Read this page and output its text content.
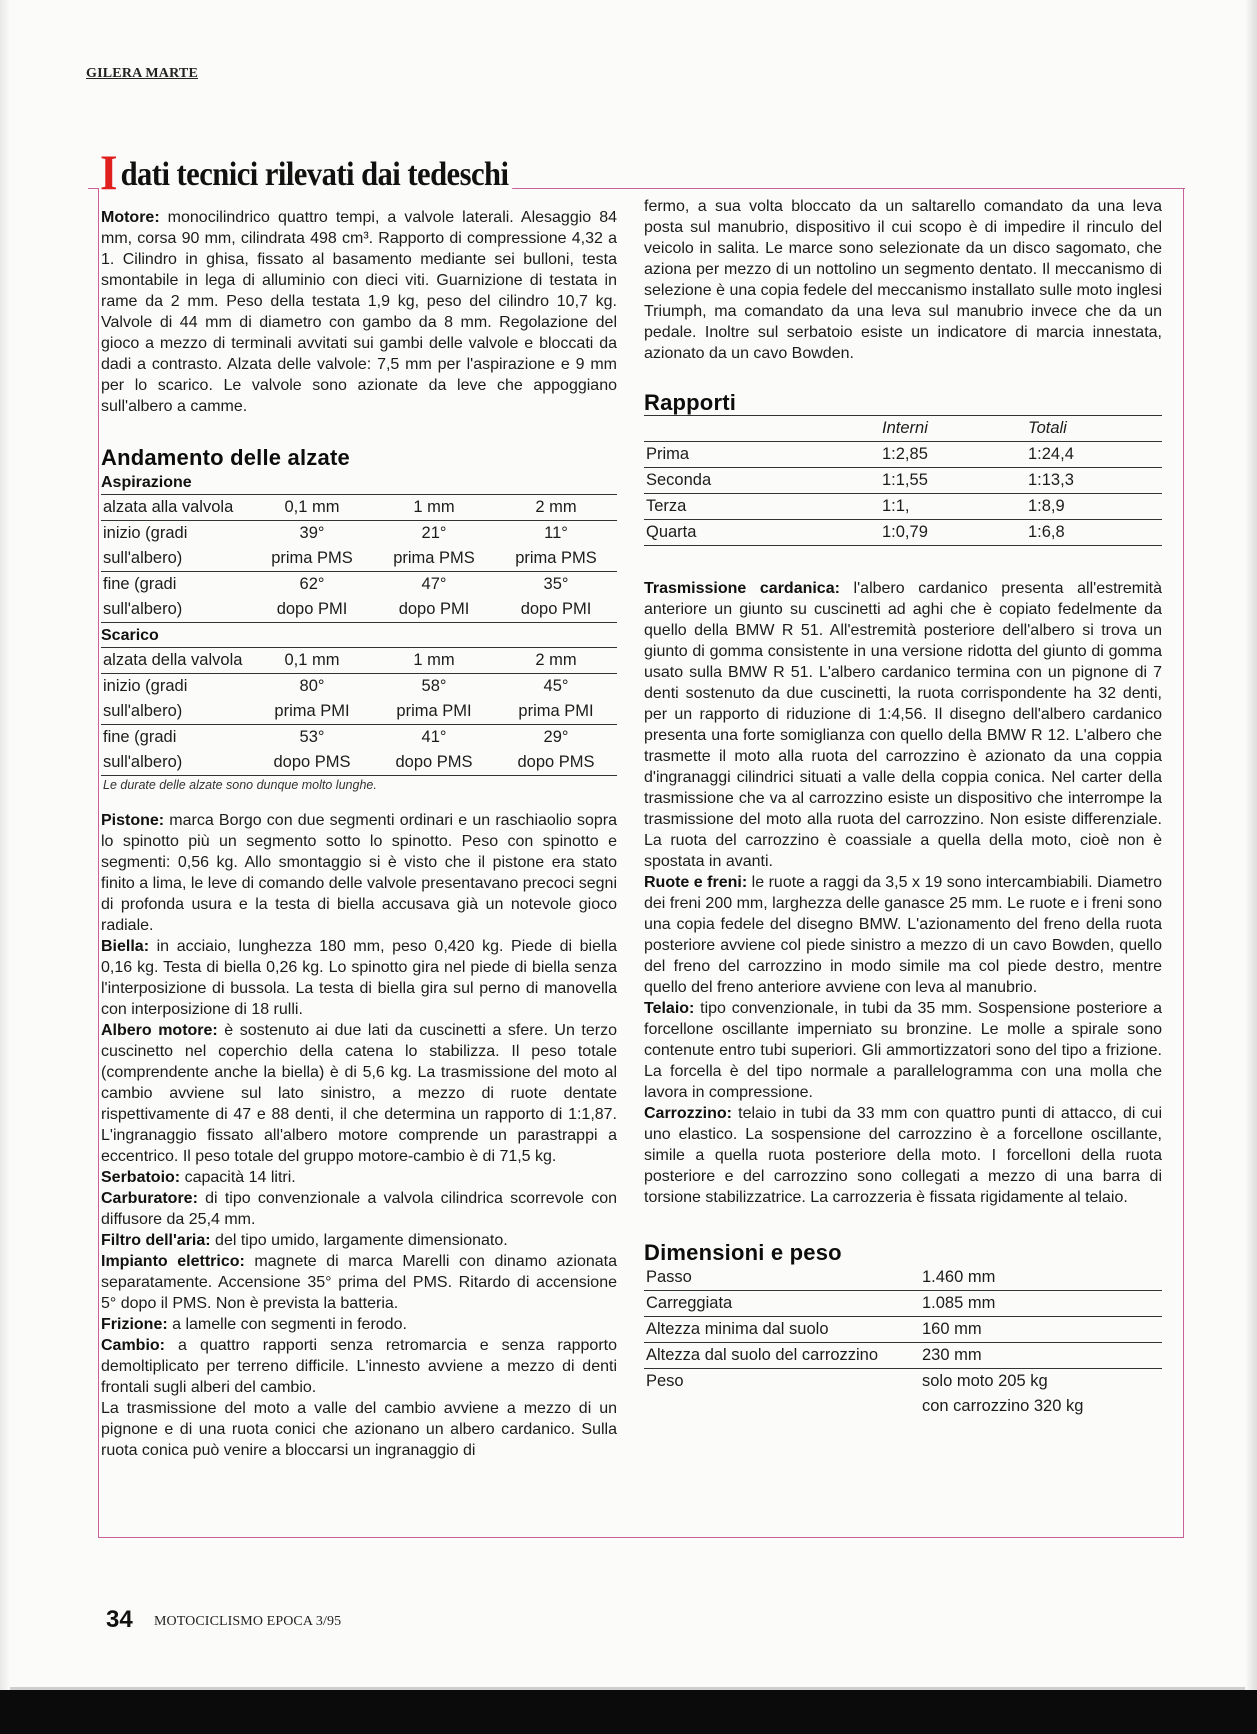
GILERA MARTE
I dati tecnici rilevati dai tedeschi

Motore: monocilindrico quattro tempi, a valvole laterali. Alesaggio 84 mm, corsa 90 mm, cilindrata 498 cm³. Rapporto di compressione 4,32 a 1. Cilindro in ghisa, fissato al basamento mediante sei bulloni, testa smontabile in lega di alluminio con dieci viti. Guarnizione di testata in rame da 2 mm. Peso della testata 1,9 kg, peso del cilindro 10,7 kg. Valvole di 44 mm di diametro con gambo da 8 mm. Regolazione del gioco a mezzo di terminali avvitati sui gambi delle valvole e bloccati da dadi a contrasto. Alzata delle valvole: 7,5 mm per l'aspirazione e 9 mm per lo scarico. Le valvole sono azionate da leve che appoggiano sull'albero a camme.

Andamento delle alzate
Aspirazione
alzata alla valvola	0,1 mm	1 mm	2 mm
inizio (gradi	39°	21°	11°
sull'albero)	prima PMS	prima PMS	prima PMS
fine (gradi	62°	47°	35°
sull'albero)	dopo PMI	dopo PMI	dopo PMI
Scarico
alzata della valvola	0,1 mm	1 mm	2 mm
inizio (gradi	80°	58°	45°
sull'albero)	prima PMI	prima PMI	prima PMI
fine (gradi	53°	41°	29°
sull'albero)	dopo PMS	dopo PMS	dopo PMS
Le durate delle alzate sono dunque molto lunghe.

Pistone: marca Borgo con due segmenti ordinari e un raschiaolio sopra lo spinotto più un segmento sotto lo spinotto. Peso con spinotto e segmenti: 0,56 kg. Allo smontaggio si è visto che il pistone era stato finito a lima, le leve di comando delle valvole presentavano precoci segni di profonda usura e la testa di biella accusava già un notevole gioco radiale.

Biella: in acciaio, lunghezza 180 mm, peso 0,420 kg. Piede di biella 0,16 kg. Testa di biella 0,26 kg. Lo spinotto gira nel piede di biella senza l'interposizione di bussola. La testa di biella gira sul perno di manovella con interposizione di 18 rulli.

Albero motore: è sostenuto ai due lati da cuscinetti a sfere. Un terzo cuscinetto nel coperchio della catena lo stabilizza. Il peso totale (comprendente anche la biella) è di 5,6 kg. La trasmissione del moto al cambio avviene sul lato sinistro, a mezzo di ruote dentate rispettivamente di 47 e 88 denti, il che determina un rapporto di 1:1,87. L'ingranaggio fissato all'albero motore comprende un parastrappi a eccentrico. Il peso totale del gruppo motore-cambio è di 71,5 kg.

Serbatoio: capacità 14 litri.

Carburatore: di tipo convenzionale a valvola cilindrica scorrevole con diffusore da 25,4 mm.

Filtro dell'aria: del tipo umido, largamente dimensionato.

Impianto elettrico: magnete di marca Marelli con dinamo azionata separatamente. Accensione 35° prima del PMS. Ritardo di accensione 5° dopo il PMS. Non è prevista la batteria.

Frizione: a lamelle con segmenti in ferodo.

Cambio: a quattro rapporti senza retromarcia e senza rapporto demoltiplicato per terreno difficile. L'innesto avviene a mezzo di denti frontali sugli alberi del cambio.

La trasmissione del moto a valle del cambio avviene a mezzo di un pignone e di una ruota conici che azionano un albero cardanico. Sulla ruota conica può venire a bloccarsi un ingranaggio di

fermo, a sua volta bloccato da un saltarello comandato da una leva posta sul manubrio, dispositivo il cui scopo è di impedire il rinculo del veicolo in salita. Le marce sono selezionate da un disco sagomato, che aziona per mezzo di un nottolino un segmento dentato. Il meccanismo di selezione è una copia fedele del meccanismo installato sulle moto inglesi Triumph, ma comandato da una leva sul manubrio invece che da un pedale. Inoltre sul serbatoio esiste un indicatore di marcia innestata, azionato da un cavo Bowden.

Rapporti
	Interni	Totali
Prima	1:2,85	1:24,4
Seconda	1:1,55	1:13,3
Terza	1:1,	1:8,9
Quarta	1:0,79	1:6,8

Trasmissione cardanica: l'albero cardanico presenta all'estremità anteriore un giunto su cuscinetti ad aghi che è copiato fedelmente da quello della BMW R 51. All'estremità posteriore dell'albero si trova un giunto di gomma consistente in una versione ridotta del giunto di gomma usato sulla BMW R 51. L'albero cardanico termina con un pignone di 7 denti sostenuto da due cuscinetti, la ruota corrispondente ha 32 denti, per un rapporto di riduzione di 1:4,56. Il disegno dell'albero cardanico presenta una forte somiglianza con quello della BMW R 12. L'albero che trasmette il moto alla ruota del carrozzino è azionato da una coppia d'ingranaggi cilindrici situati a valle della coppia conica. Nel carter della trasmissione che va al carrozzino esiste un dispositivo che interrompe la trasmissione del moto alla ruota del carrozzino. Non esiste differenziale. La ruota del carrozzino è coassiale a quella della moto, cioè non è spostata in avanti.

Ruote e freni: le ruote a raggi da 3,5 x 19 sono intercambiabili. Diametro dei freni 200 mm, larghezza delle ganasce 25 mm. Le ruote e i freni sono una copia fedele del disegno BMW. L'azionamento del freno della ruota posteriore avviene col piede sinistro a mezzo di un cavo Bowden, quello del freno del carrozzino in modo simile ma col piede destro, mentre quello del freno anteriore avviene con leva al manubrio.

Telaio: tipo convenzionale, in tubi da 35 mm. Sospensione posteriore a forcellone oscillante imperniato su bronzine. Le molle a spirale sono contenute entro tubi superiori. Gli ammortizzatori sono del tipo a frizione. La forcella è del tipo normale a parallelogramma con una molla che lavora in compressione.

Carrozzino: telaio in tubi da 33 mm con quattro punti di attacco, di cui uno elastico. La sospensione del carrozzino è a forcellone oscillante, simile a quella ruota posteriore della moto. I forcelloni della ruota posteriore e del carrozzino sono collegati a mezzo di una barra di torsione stabilizzatrice. La carrozzeria è fissata rigidamente al telaio.

Dimensioni e peso
Passo	1.460 mm
Carreggiata	1.085 mm
Altezza minima dal suolo	160 mm
Altezza dal suolo del carrozzino	230 mm
Peso	solo moto 205 kg
con carrozzino 320 kg
34 MOTOCICLISMO EPOCA 3/95
